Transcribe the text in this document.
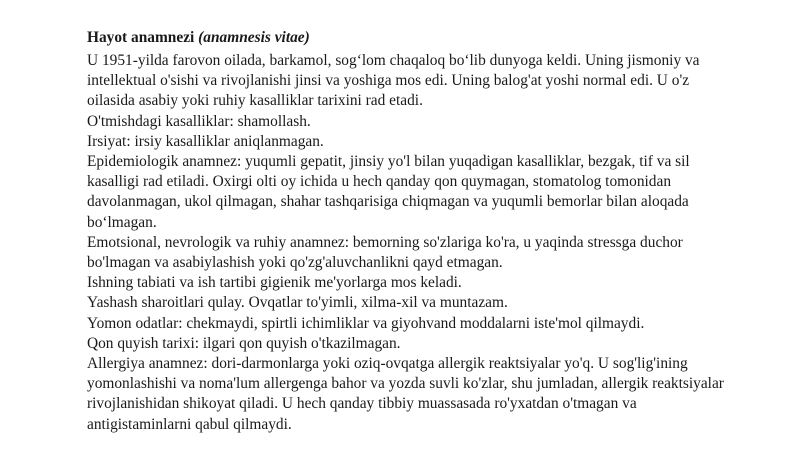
Hayot anamnezi (anamnesis vitae)

U 1951-yilda farovon oilada, barkamol, sog‘lom chaqaloq bo‘lib dunyoga keldi. Uning jismoniy va intellektual o'sishi va rivojlanishi jinsi va yoshiga mos edi. Uning balog'at yoshi normal edi. U o'z oilasida asabiy yoki ruhiy kasalliklar tarixini rad etadi.

O'tmishdagi kasalliklar: shamollash.

Irsiyat: irsiy kasalliklar aniqlanmagan.

Epidemiologik anamnez: yuqumli gepatit, jinsiy yo'l bilan yuqadigan kasalliklar, bezgak, tif va sil kasalligi rad etiladi. Oxirgi olti oy ichida u hech qanday qon quymagan, stomatolog tomonidan davolanmagan, ukol qilmagan, shahar tashqarisiga chiqmagan va yuqumli bemorlar bilan aloqada bo‘lmagan.

Emotsional, nevrologik va ruhiy anamnez: bemorning so'zlariga ko'ra, u yaqinda stressga duchor bo'lmagan va asabiylashish yoki qo'zg'aluvchanlikni qayd etmagan.

Ishning tabiati va ish tartibi gigienik me'yorlarga mos keladi.

Yashash sharoitlari qulay. Ovqatlar to'yimli, xilma-xil va muntazam.

Yomon odatlar: chekmaydi, spirtli ichimliklar va giyohvand moddalarni iste'mol qilmaydi.

Qon quyish tarixi: ilgari qon quyish o'tkazilmagan.

Allergiya anamnez: dori-darmonlarga yoki oziq-ovqatga allergik reaktsiyalar yo'q. U sog'lig'ining yomonlashishi va noma'lum allergenga bahor va yozda suvli ko'zlar, shu jumladan, allergik reaktsiyalar rivojlanishidan shikoyat qiladi. U hech qanday tibbiy muassasada ro'yxatdan o'tmagan va antigistaminlarni qabul qilmaydi.
